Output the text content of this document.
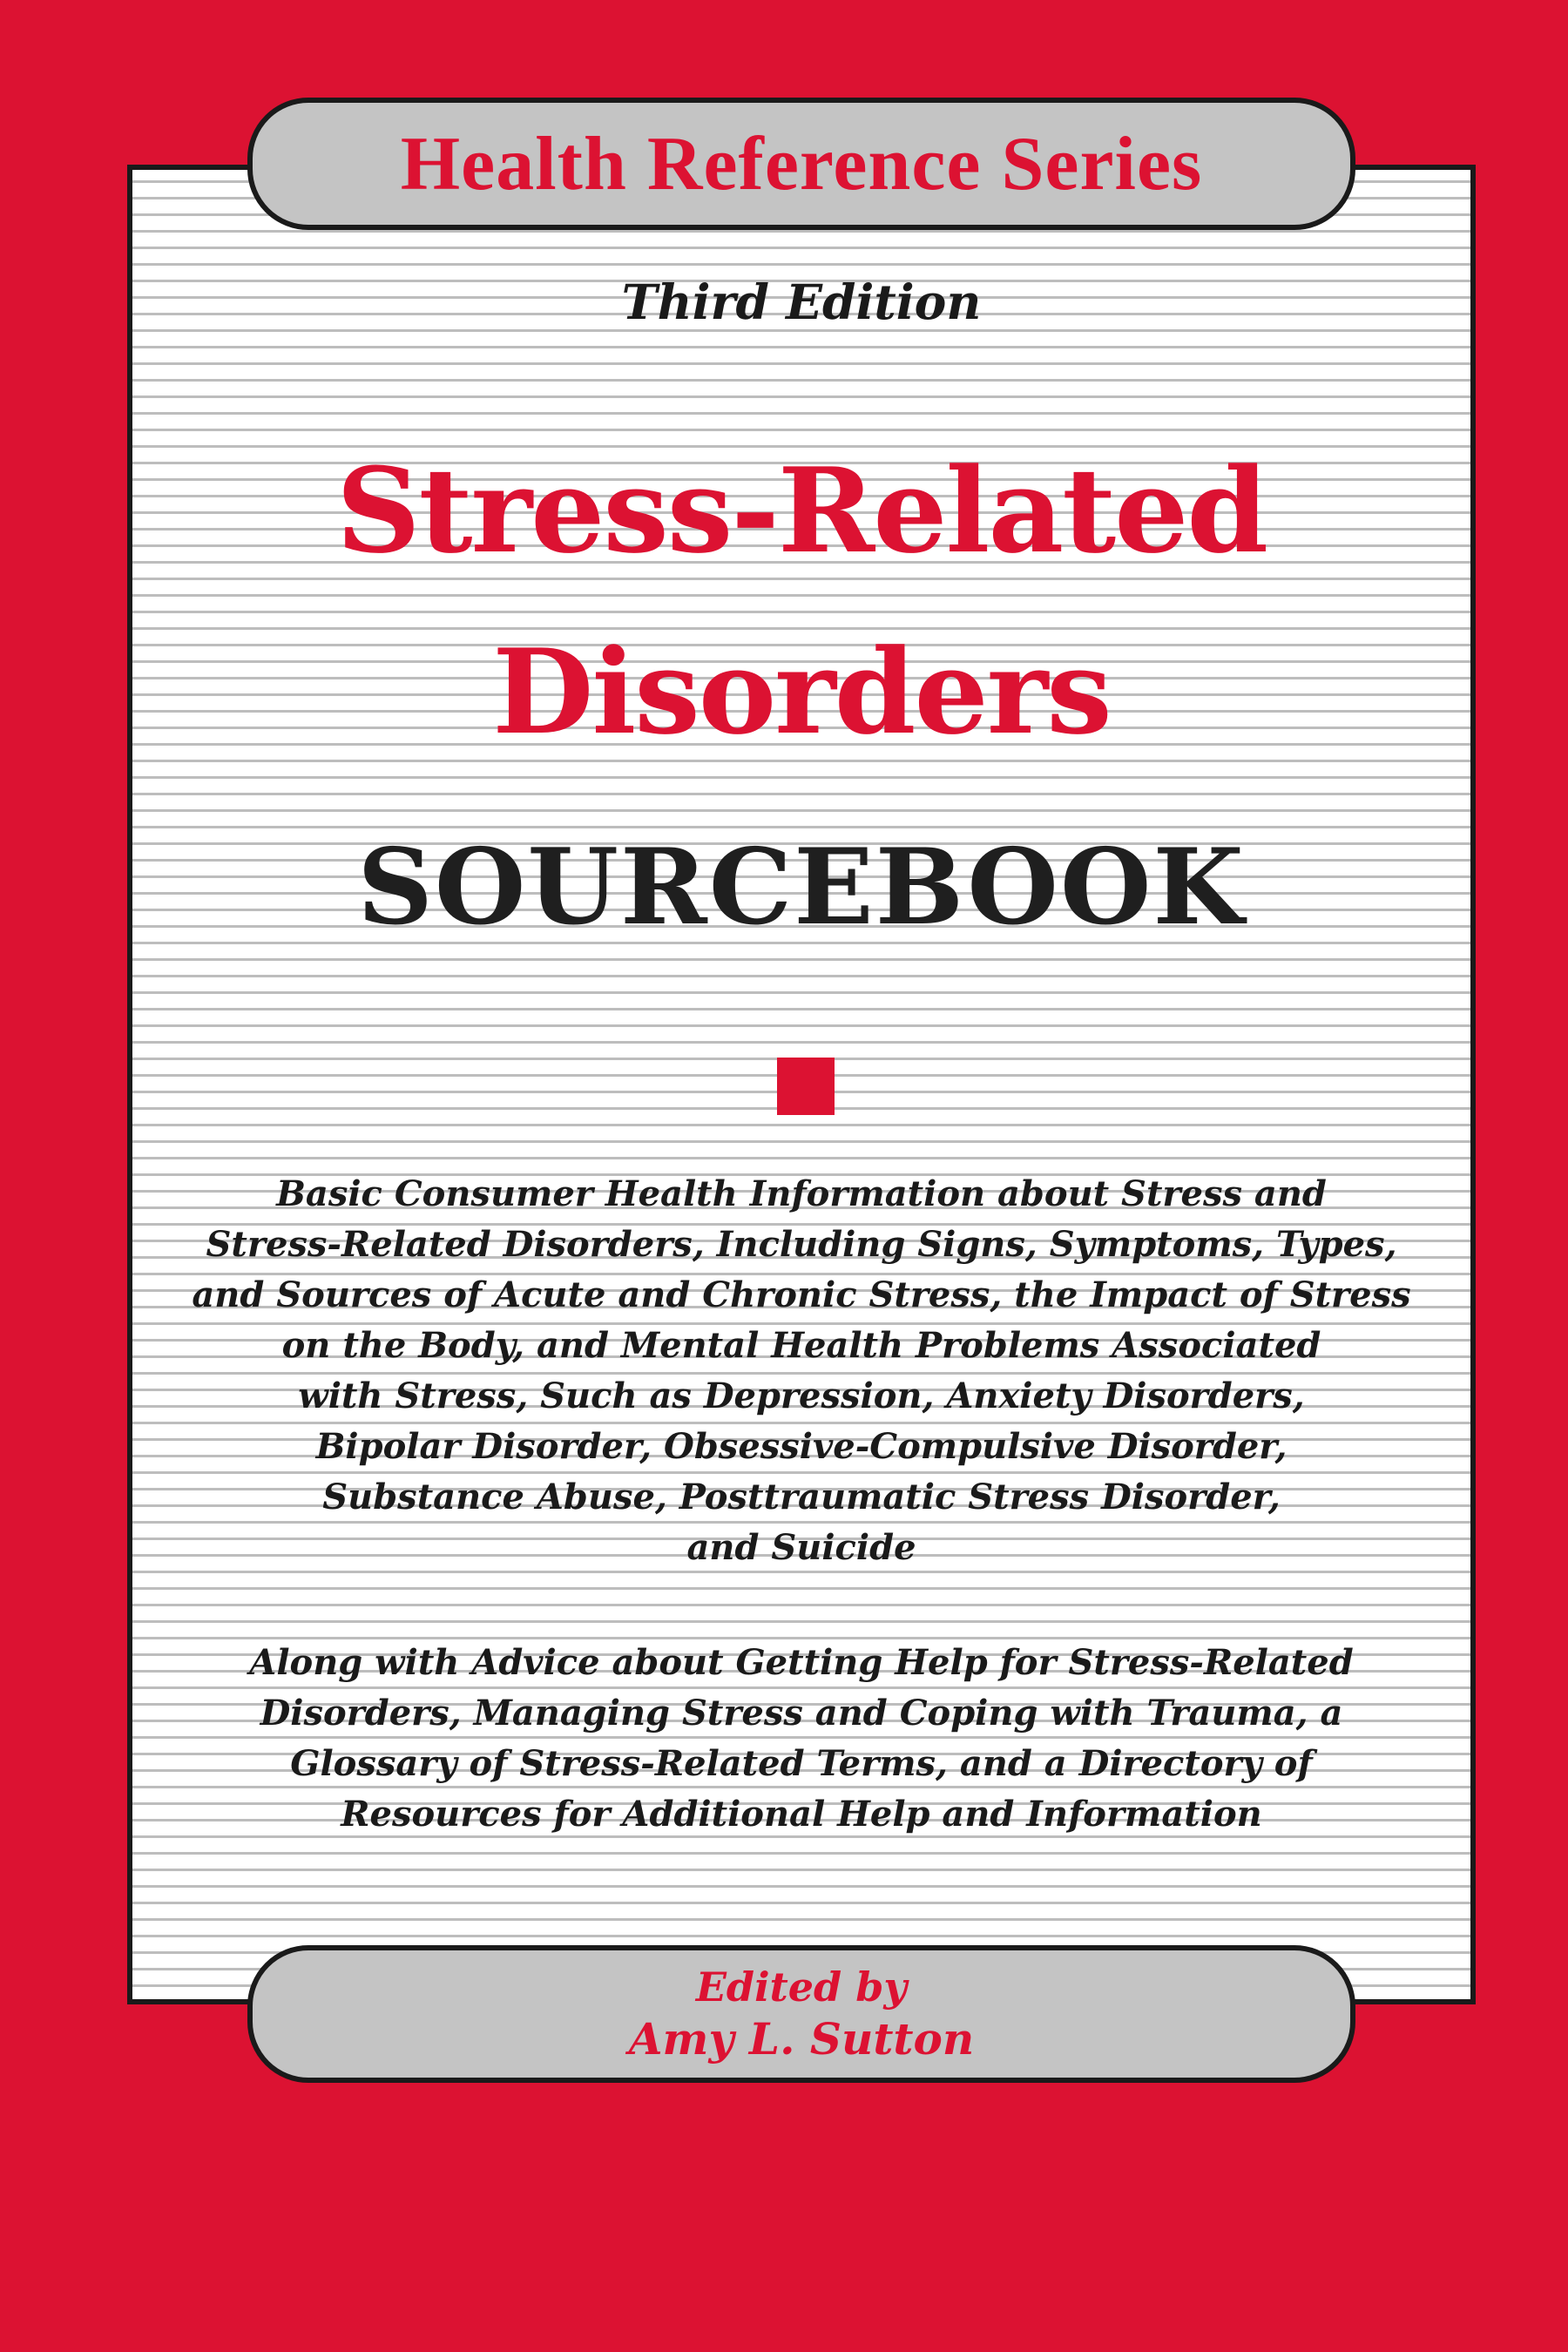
Health Reference Series
Third Edition
Stress-Related
Disorders
SOURCEBOOK
Basic Consumer Health Information about Stress and
Stress-Related Disorders, Including Signs, Symptoms, Types,
and Sources of Acute and Chronic Stress, the Impact of Stress
on the Body, and Mental Health Problems Associated
with Stress, Such as Depression, Anxiety Disorders,
Bipolar Disorder, Obsessive-Compulsive Disorder,
Substance Abuse, Posttraumatic Stress Disorder,
and Suicide
Along with Advice about Getting Help for Stress-Related
Disorders, Managing Stress and Coping with Trauma, a
Glossary of Stress-Related Terms, and a Directory of
Resources for Additional Help and Information
Edited by
Amy L. Sutton
